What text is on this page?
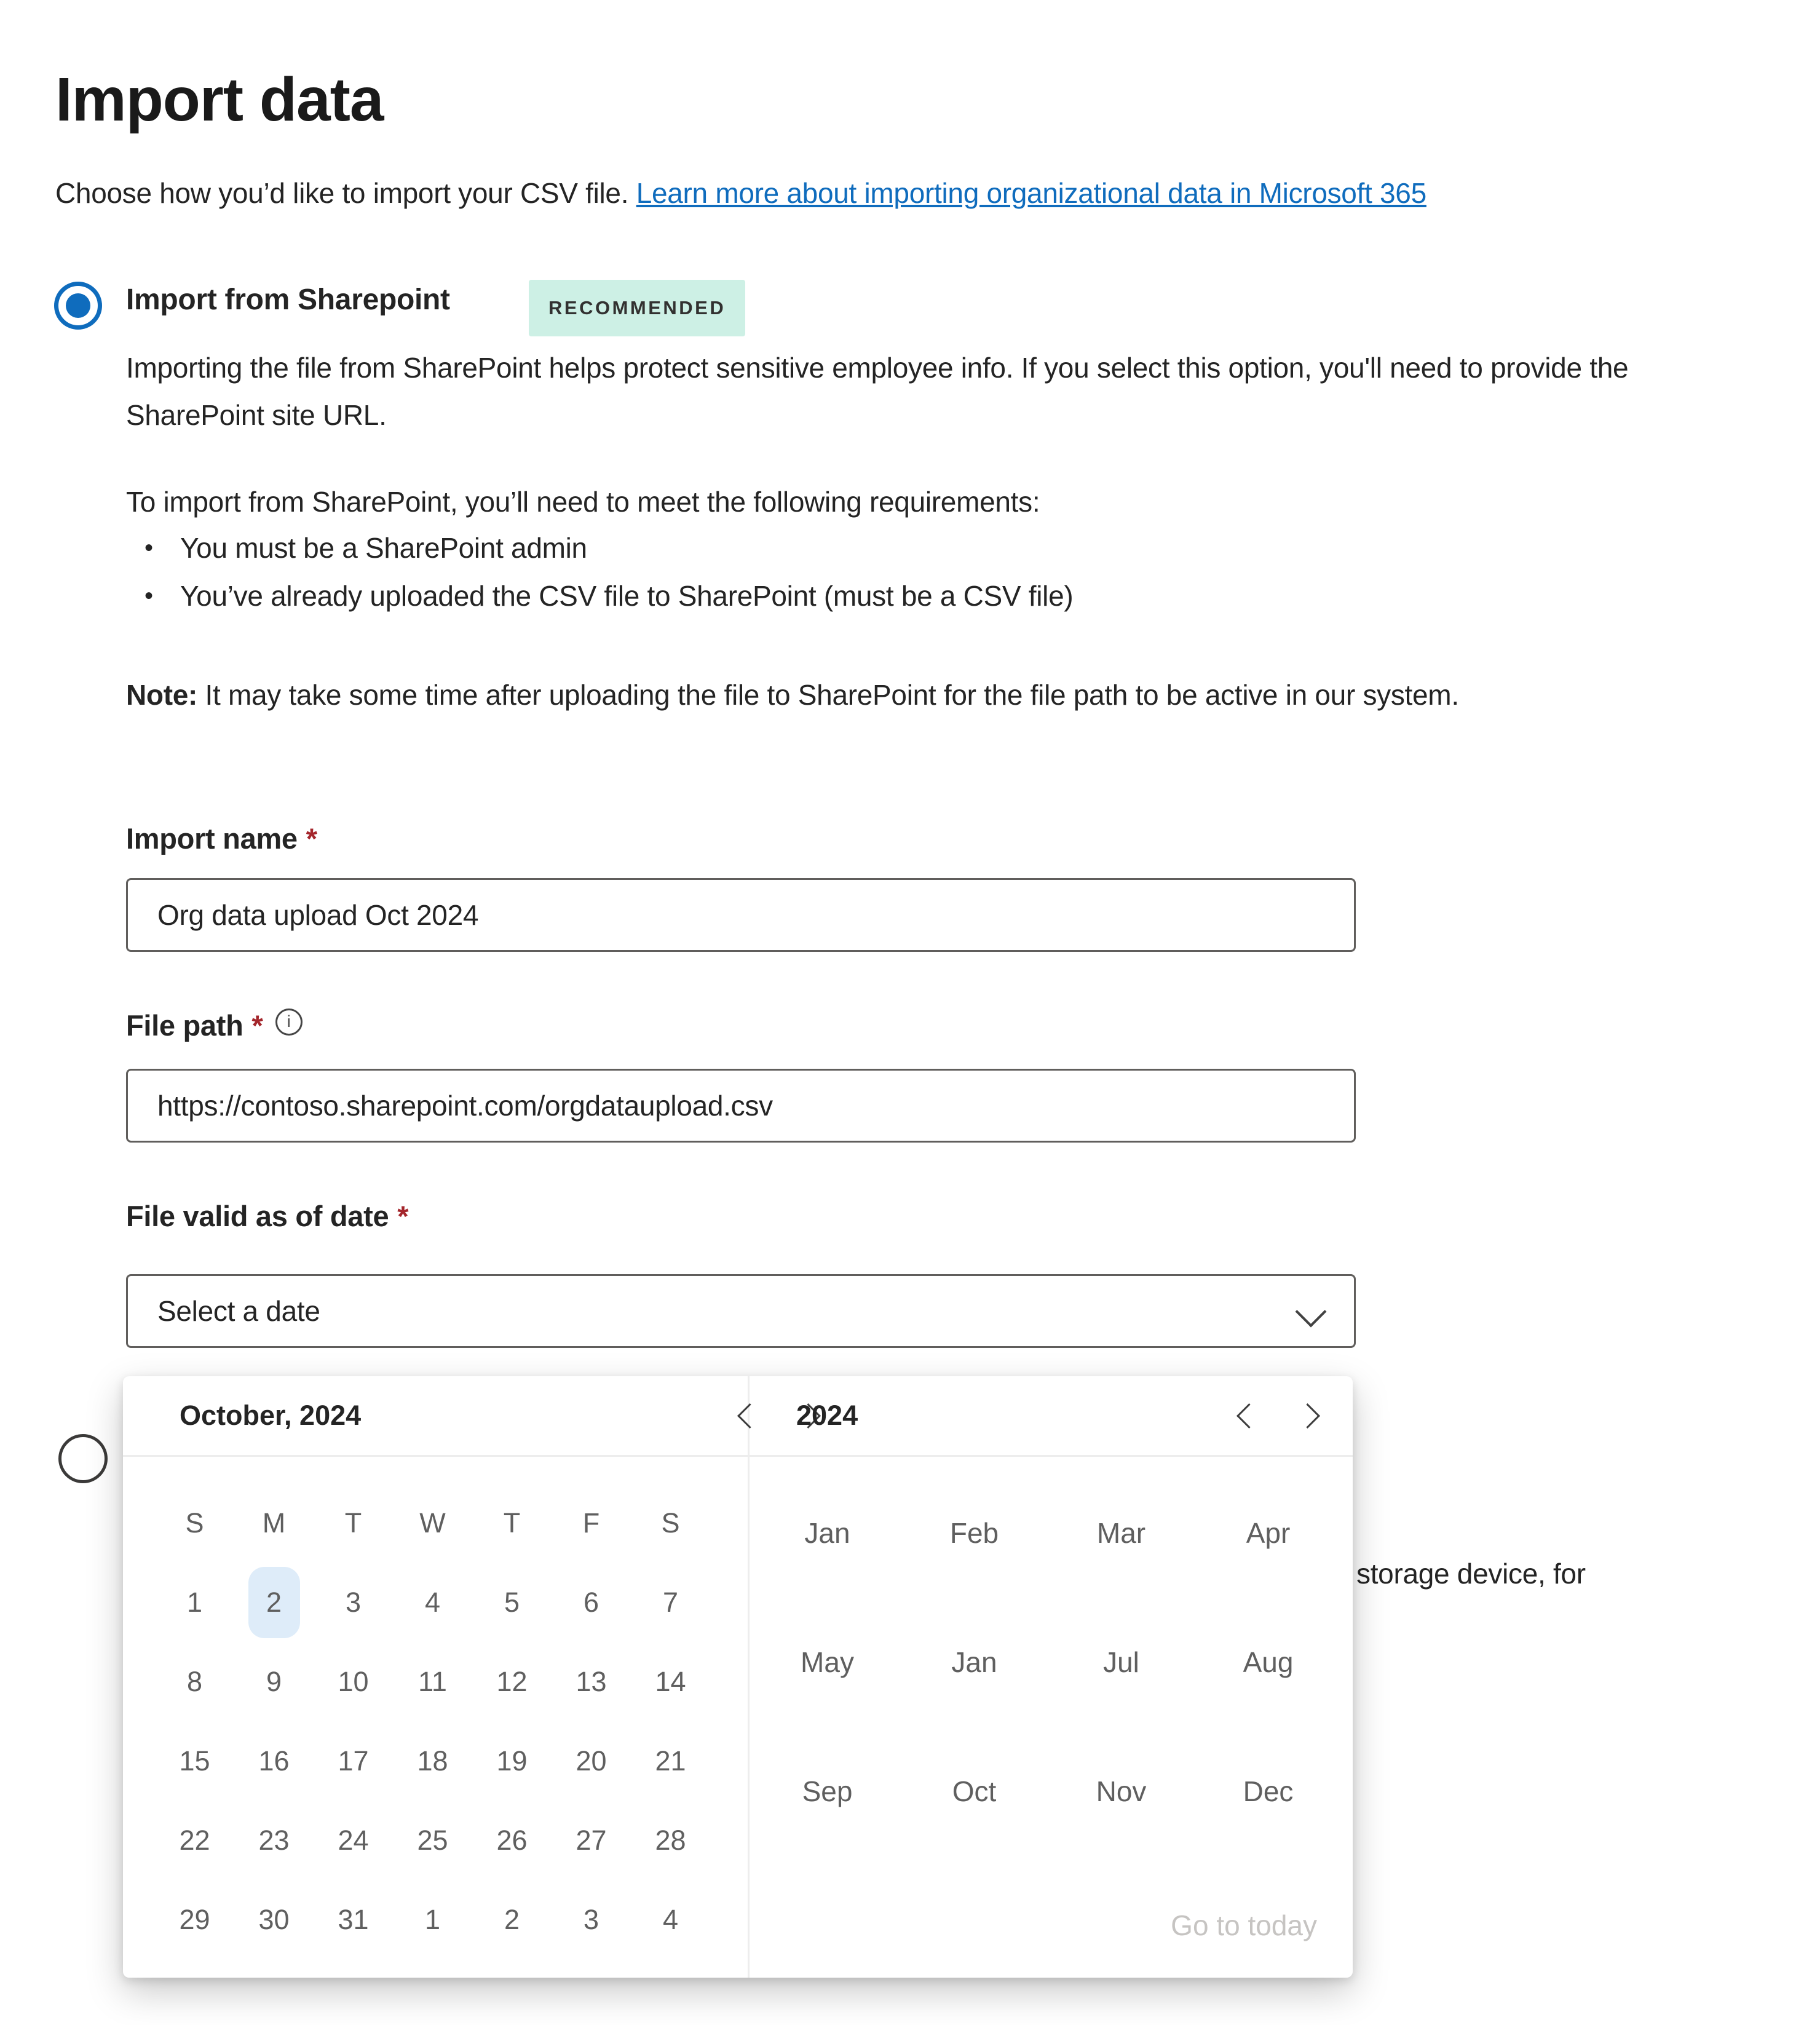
Import data
Choose how you’d like to import your CSV file. Learn more about importing organizational data in Microsoft 365
Import from Sharepoint	RECOMMENDED
Importing the file from SharePoint helps protect sensitive employee info. If you select this option, you'll need to provide the SharePoint site URL.
To import from SharePoint, you’ll need to meet the following requirements:
• You must be a SharePoint admin
• You’ve already uploaded the CSV file to SharePoint (must be a CSV file)
Note: It may take some time after uploading the file to SharePoint for the file path to be active in our system.
Import name *
Org data upload Oct 2024
File path *	i
https://contoso.sharepoint.com/orgdataupload.csv
File valid as of date *
Select a date
storage device, for
October, 2024	2024
S	M	T	W	T	F	S
1	2	3	4	5	6	7
8	9	10	11	12	13	14
15	16	17	18	19	20	21
22	23	24	25	26	27	28
29	30	31	1	2	3	4
Jan	Feb	Mar	Apr
May	Jan	Jul	Aug
Sep	Oct	Nov	Dec
Go to today
